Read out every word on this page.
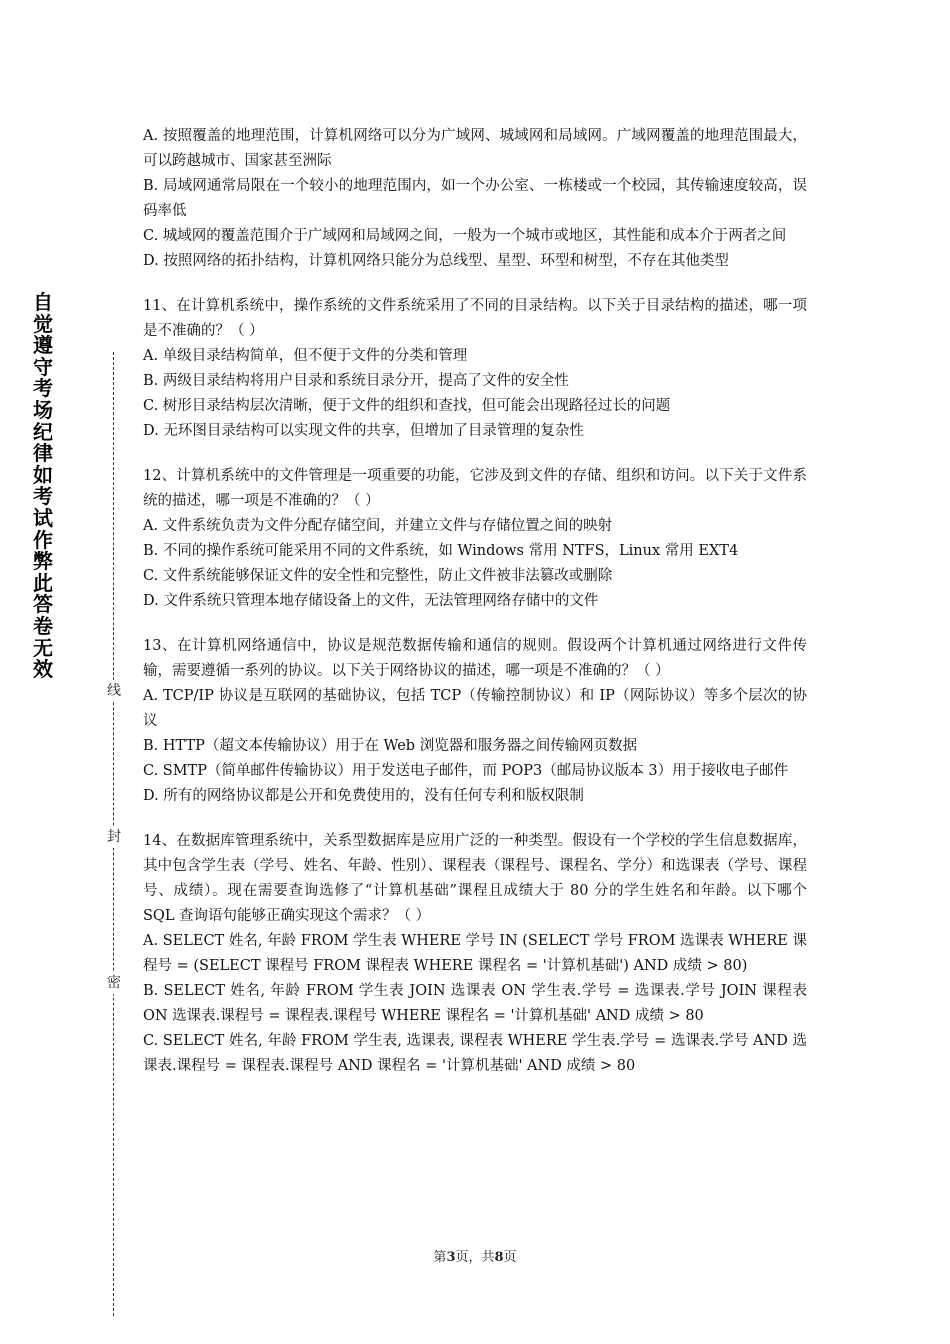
自觉遵守考场纪律如考试作弊此答卷无效
线
封
密

A. 按照覆盖的地理范围，计算机网络可以分为广域网、城域网和局域网。广域网覆盖的地理范围最大，可以跨越城市、国家甚至洲际

B. 局域网通常局限在一个较小的地理范围内，如一个办公室、一栋楼或一个校园，其传输速度较高，误码率低

C. 城域网的覆盖范围介于广域网和局域网之间，一般为一个城市或地区，其性能和成本介于两者之间

D. 按照网络的拓扑结构，计算机网络只能分为总线型、星型、环型和树型，不存在其他类型

11、在计算机系统中，操作系统的文件系统采用了不同的目录结构。以下关于目录结构的描述，哪一项是不准确的？（ ）

A. 单级目录结构简单，但不便于文件的分类和管理

B. 两级目录结构将用户目录和系统目录分开，提高了文件的安全性

C. 树形目录结构层次清晰，便于文件的组织和查找，但可能会出现路径过长的问题

D. 无环图目录结构可以实现文件的共享，但增加了目录管理的复杂性

12、计算机系统中的文件管理是一项重要的功能，它涉及到文件的存储、组织和访问。以下关于文件系统的描述，哪一项是不准确的？（ ）

A. 文件系统负责为文件分配存储空间，并建立文件与存储位置之间的映射

B. 不同的操作系统可能采用不同的文件系统，如 Windows 常用 NTFS，Linux 常用 EXT4

C. 文件系统能够保证文件的安全性和完整性，防止文件被非法篡改或删除

D. 文件系统只管理本地存储设备上的文件，无法管理网络存储中的文件

13、在计算机网络通信中，协议是规范数据传输和通信的规则。假设两个计算机通过网络进行文件传输，需要遵循一系列的协议。以下关于网络协议的描述，哪一项是不准确的？（ ）

A. TCP/IP 协议是互联网的基础协议，包括 TCP（传输控制协议）和 IP（网际协议）等多个层次的协议

B. HTTP（超文本传输协议）用于在 Web 浏览器和服务器之间传输网页数据

C. SMTP（简单邮件传输协议）用于发送电子邮件，而 POP3（邮局协议版本 3）用于接收电子邮件

D. 所有的网络协议都是公开和免费使用的，没有任何专利和版权限制

14、在数据库管理系统中，关系型数据库是应用广泛的一种类型。假设有一个学校的学生信息数据库，其中包含学生表（学号、姓名、年龄、性别）、课程表（课程号、课程名、学分）和选课表（学号、课程号、成绩）。现在需要查询选修了“计算机基础”课程且成绩大于 80 分的学生姓名和年龄。以下哪个 SQL 查询语句能够正确实现这个需求？（ ）

A. SELECT 姓名, 年龄 FROM 学生表 WHERE 学号 IN (SELECT 学号 FROM 选课表 WHERE 课程号 = (SELECT 课程号 FROM 课程表 WHERE 课程名 = '计算机基础') AND 成绩 > 80)

B. SELECT 姓名, 年龄 FROM 学生表 JOIN 选课表 ON 学生表.学号 = 选课表.学号 JOIN 课程表 ON 选课表.课程号 = 课程表.课程号 WHERE 课程名 = '计算机基础' AND 成绩 > 80

C. SELECT 姓名, 年龄 FROM 学生表, 选课表, 课程表 WHERE 学生表.学号 = 选课表.学号 AND 选课表.课程号 = 课程表.课程号 AND 课程名 = '计算机基础' AND 成绩 > 80

第3页，共8页
